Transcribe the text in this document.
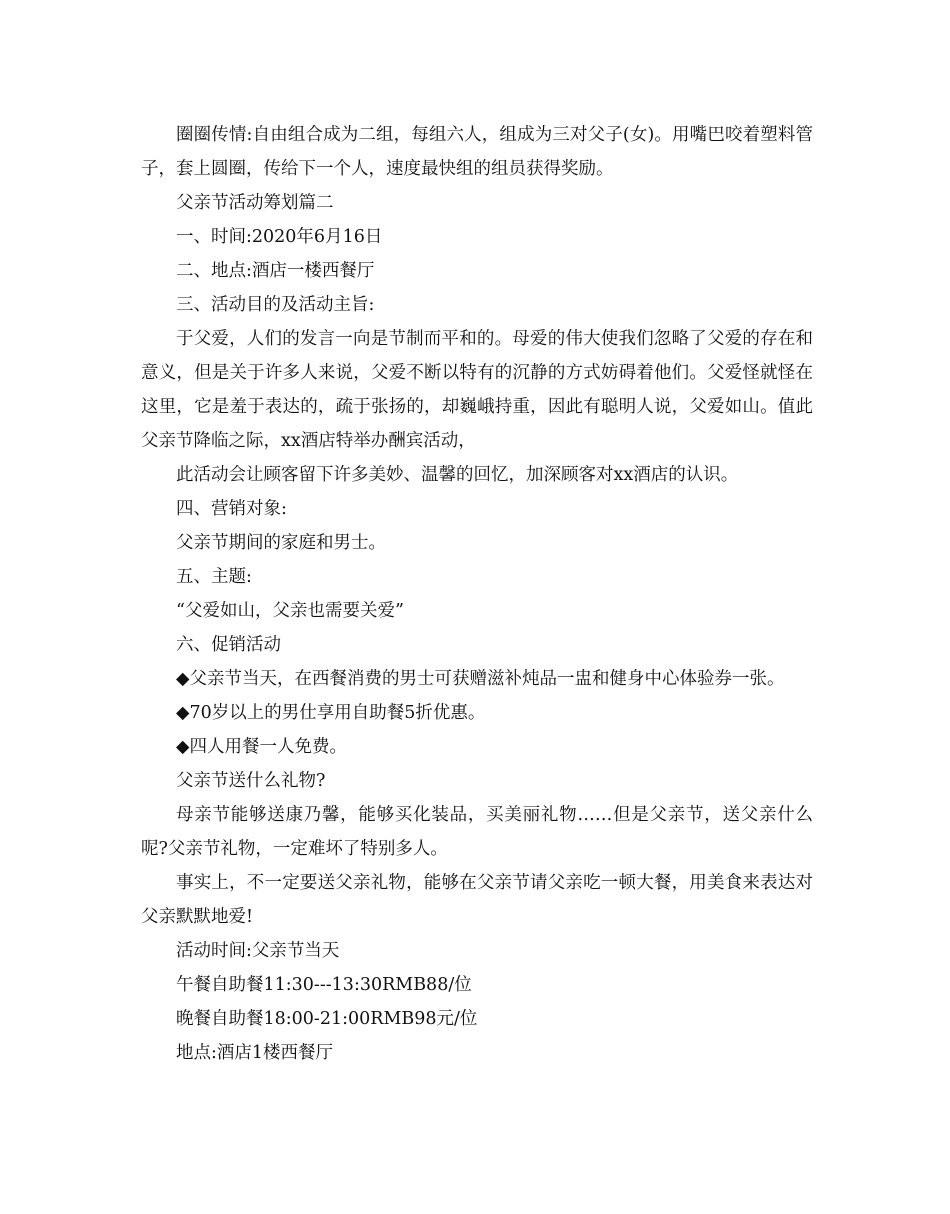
圈圈传情:自由组合成为二组，每组六人，组成为三对父子(女)。用嘴巴咬着塑料管子，套上圆圈，传给下一个人，速度最快组的组员获得奖励。

父亲节活动筹划篇二

一、时间:2020年6月16日

二、地点:酒店一楼西餐厅

三、活动目的及活动主旨:

于父爱，人们的发言一向是节制而平和的。母爱的伟大使我们忽略了父爱的存在和意义，但是关于许多人来说，父爱不断以特有的沉静的方式妨碍着他们。父爱怪就怪在这里，它是羞于表达的，疏于张扬的，却巍峨持重，因此有聪明人说，父爱如山。值此父亲节降临之际，xx酒店特举办酬宾活动，

此活动会让顾客留下许多美妙、温馨的回忆，加深顾客对xx酒店的认识。

四、营销对象:

父亲节期间的家庭和男士。

五、主题:

“父爱如山，父亲也需要关爱”

六、促销活动

◆父亲节当天，在西餐消费的男士可获赠滋补炖品一盅和健身中心体验券一张。

◆70岁以上的男仕享用自助餐5折优惠。

◆四人用餐一人免费。

父亲节送什么礼物?

母亲节能够送康乃馨，能够买化装品，买美丽礼物……但是父亲节，送父亲什么呢?父亲节礼物，一定难坏了特别多人。

事实上，不一定要送父亲礼物，能够在父亲节请父亲吃一顿大餐，用美食来表达对父亲默默地爱!

活动时间:父亲节当天

午餐自助餐11:30---13:30RMB88/位

晚餐自助餐18:00-21:00RMB98元/位

地点:酒店1楼西餐厅
